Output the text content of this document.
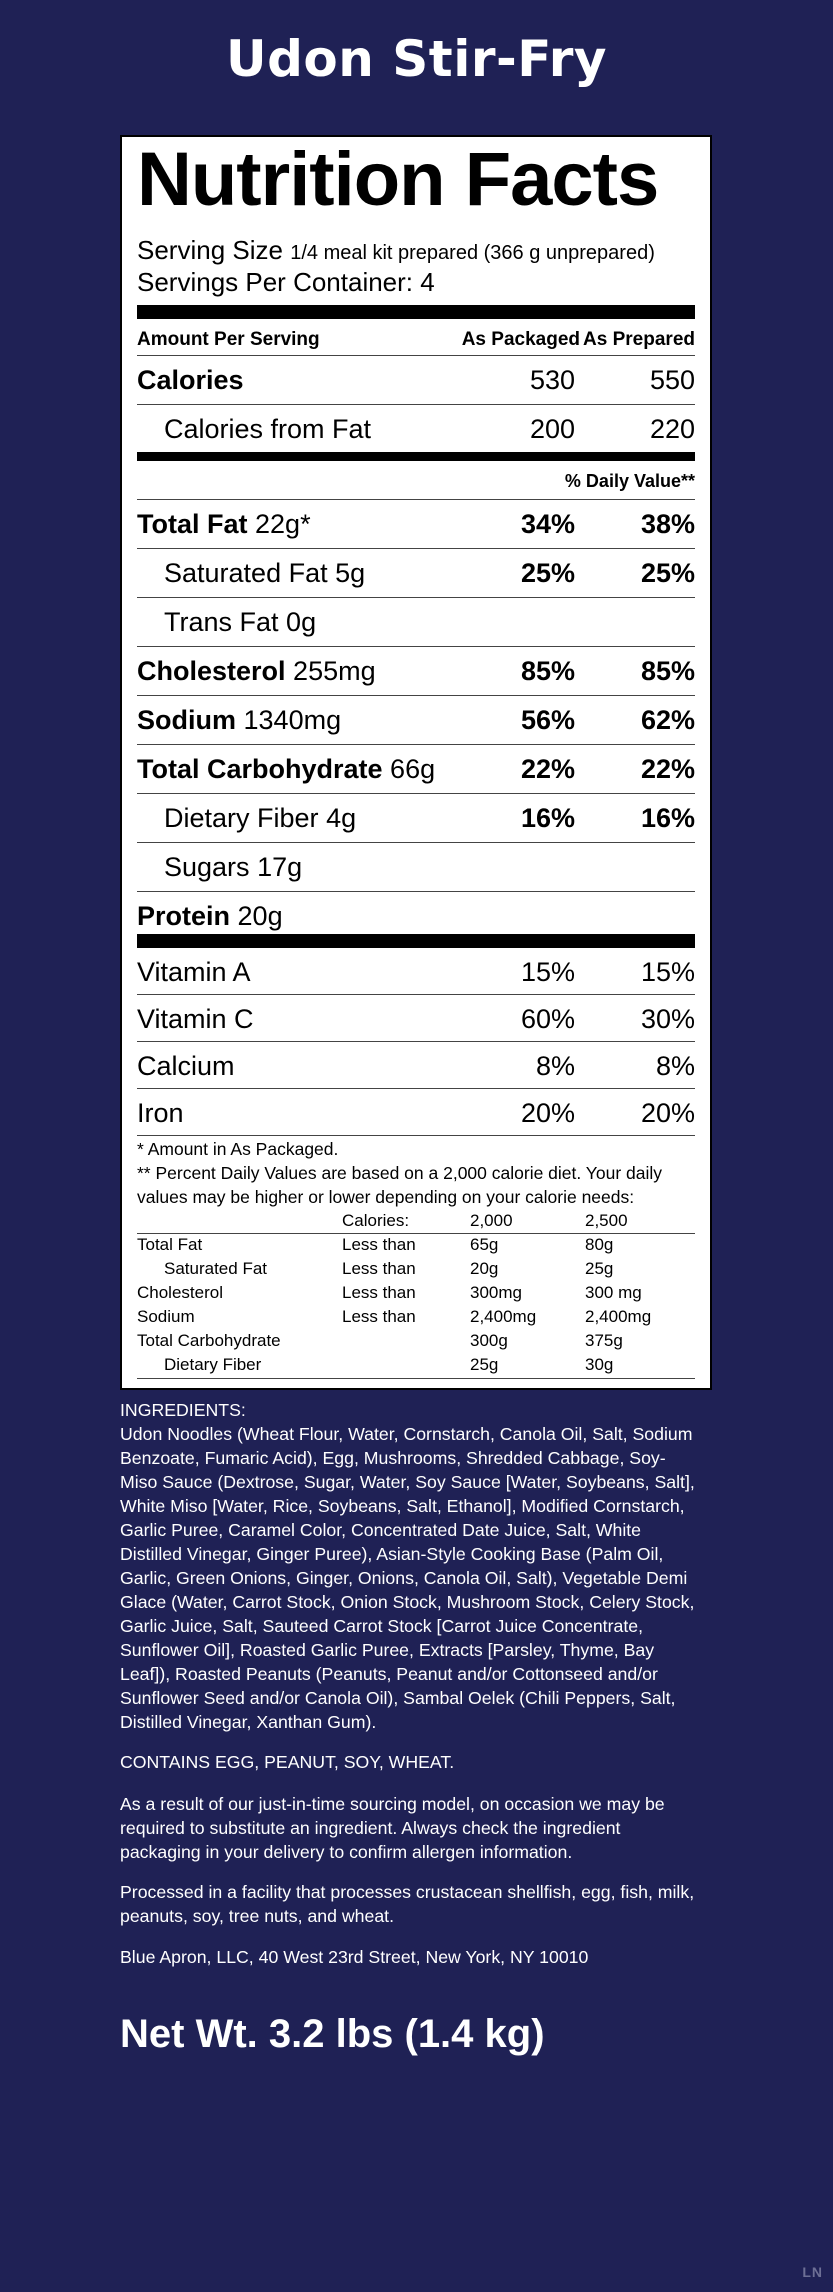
Udon Stir-Fry
Nutrition Facts
Serving Size 1/4 meal kit prepared (366 g unprepared)
Servings Per Container: 4
Amount Per Serving	As Packaged As Prepared
Calories	530	550
Calories from Fat	200	220
% Daily Value**
Total Fat 22g*	34% 38%
Saturated Fat 5g	25% 25%
Trans Fat 0g
Cholesterol 255mg	85% 85%
Sodium 1340mg	56% 62%
Total Carbohydrate 66g	22% 22%
Dietary Fiber 4g	16% 16%
Sugars 17g
Protein 20g
Vitamin A	15% 15%
Vitamin C	60% 30%
Calcium	8%	8%
Iron	20% 20%
* Amount in As Packaged.
** Percent Daily Values are based on a 2,000 calorie diet. Your daily
values may be higher or lower depending on your calorie needs:
Calories:	2,000	2,500
Total Fat	Less than	65g	80g
Saturated Fat	Less than	20g	25g
Cholesterol	Less than	300mg	300 mg
Sodium	Less than	2,400mg	2,400mg
Total Carbohydrate	300g	375g
Dietary Fiber	25g	30g

INGREDIENTS:

Udon Noodles (Wheat Flour, Water, Cornstarch, Canola Oil, Salt, Sodium

Benzoate, Fumaric Acid), Egg, Mushrooms, Shredded Cabbage, Soy-

Miso Sauce (Dextrose, Sugar, Water, Soy Sauce [Water, Soybeans, Salt],

White Miso [Water, Rice, Soybeans, Salt, Ethanol], Modified Cornstarch,

Garlic Puree, Caramel Color, Concentrated Date Juice, Salt, White

Distilled Vinegar, Ginger Puree), Asian-Style Cooking Base (Palm Oil,

Garlic, Green Onions, Ginger, Onions, Canola Oil, Salt), Vegetable Demi

Glace (Water, Carrot Stock, Onion Stock, Mushroom Stock, Celery Stock,

Garlic Juice, Salt, Sauteed Carrot Stock [Carrot Juice Concentrate,

Sunflower Oil], Roasted Garlic Puree, Extracts [Parsley, Thyme, Bay

Leaf]), Roasted Peanuts (Peanuts, Peanut and/or Cottonseed and/or

Sunflower Seed and/or Canola Oil), Sambal Oelek (Chili Peppers, Salt,

Distilled Vinegar, Xanthan Gum).

CONTAINS EGG, PEANUT, SOY, WHEAT.

As a result of our just-in-time sourcing model, on occasion we may be

required to substitute an ingredient. Always check the ingredient

packaging in your delivery to confirm allergen information.

Processed in a facility that processes crustacean shellfish, egg, fish, milk,

peanuts, soy, tree nuts, and wheat.

Blue Apron, LLC, 40 West 23rd Street, New York, NY 10010
Net Wt. 3.2 lbs (1.4 kg)
LN
